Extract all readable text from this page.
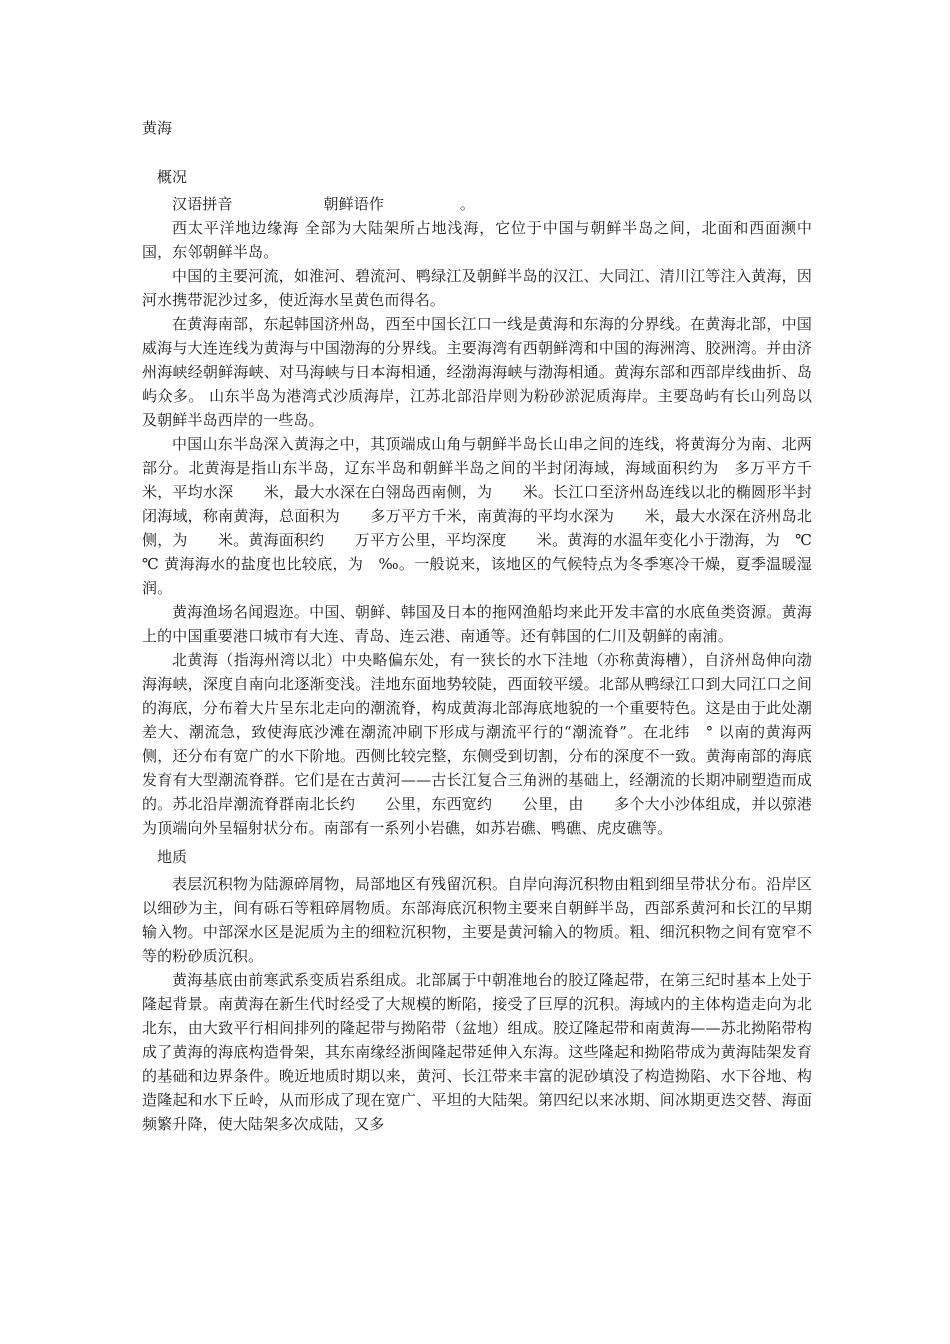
黄海
概况

汉语拼音　　　　　　朝鲜语作　　　　　。

西太平洋地边缘海 全部为大陆架所占地浅海，它位于中国与朝鲜半岛之间，北面和西面濒中国，东邻朝鲜半岛。

中国的主要河流，如淮河、碧流河、鸭绿江及朝鲜半岛的汉江、大同江、清川江等注入黄海，因河水携带泥沙过多，使近海水呈黄色而得名。

在黄海南部，东起韩国济州岛，西至中国长江口一线是黄海和东海的分界线。在黄海北部，中国威海与大连连线为黄海与中国渤海的分界线。主要海湾有西朝鲜湾和中国的海洲湾、胶洲湾。并由济州海峡经朝鲜海峡、对马海峡与日本海相通，经渤海海峡与渤海相通。黄海东部和西部岸线曲折、岛屿众多。 山东半岛为港湾式沙质海岸，江苏北部沿岸则为粉砂淤泥质海岸。主要岛屿有长山列岛以及朝鲜半岛西岸的一些岛。

中国山东半岛深入黄海之中，其顶端成山角与朝鲜半岛长山串之间的连线，将黄海分为南、北两部分。北黄海是指山东半岛，辽东半岛和朝鲜半岛之间的半封闭海域，海域面积约为　多万平方千米，平均水深　　米，最大水深在白翎岛西南侧，为　　米。长江口至济州岛连线以北的椭圆形半封闭海域，称南黄海，总面积为　　多万平方千米，南黄海的平均水深为　　米，最大水深在济州岛北侧，为　　米。黄海面积约　　万平方公里，平均深度　　米。黄海的水温年变化小于渤海，为　℃　　℃ 黄海海水的盐度也比较底，为　‰。一般说来，该地区的气候特点为冬季寒冷干燥，夏季温暖湿润。

黄海渔场名闻遐迩。中国、朝鲜、韩国及日本的拖网渔船均来此开发丰富的水底鱼类资源。黄海上的中国重要港口城市有大连、青岛、连云港、南通等。还有韩国的仁川及朝鲜的南浦。

北黄海（指海州湾以北）中央略偏东处，有一狭长的水下洼地（亦称黄海槽），自济州岛伸向渤海海峡，深度自南向北逐渐变浅。洼地东面地势较陡，西面较平缓。北部从鸭绿江口到大同江口之间的海底，分布着大片呈东北走向的潮流脊，构成黄海北部海底地貌的一个重要特色。这是由于此处潮差大、潮流急，致使海底沙滩在潮流冲刷下形成与潮流平行的“潮流脊”。在北纬　° 以南的黄海两侧，还分布有宽广的水下阶地。西侧比较完整，东侧受到切割，分布的深度不一致。黄海南部的海底发育有大型潮流脊群。它们是在古黄河——古长江复合三角洲的基础上，经潮流的长期冲刷塑造而成的。苏北沿岸潮流脊群南北长约　　公里，东西宽约　　公里，由　　多个大小沙体组成，并以弶港为顶端向外呈辐射状分布。南部有一系列小岩礁，如苏岩礁、鸭礁、虎皮礁等。

地质

表层沉积物为陆源碎屑物，局部地区有残留沉积。自岸向海沉积物由粗到细呈带状分布。沿岸区以细砂为主，间有砾石等粗碎屑物质。东部海底沉积物主要来自朝鲜半岛，西部系黄河和长江的早期输入物。中部深水区是泥质为主的细粒沉积物，主要是黄河输入的物质。粗、细沉积物之间有宽窄不等的粉砂质沉积。

黄海基底由前寒武系变质岩系组成。北部属于中朝准地台的胶辽隆起带，在第三纪时基本上处于隆起背景。南黄海在新生代时经受了大规模的断陷，接受了巨厚的沉积。海域内的主体构造走向为北北东，由大致平行相间排列的隆起带与拗陷带（盆地）组成。胶辽隆起带和南黄海——苏北拗陷带构成了黄海的海底构造骨架，其东南缘经浙闽隆起带延伸入东海。这些隆起和拗陷带成为黄海陆架发育的基础和边界条件。晚近地质时期以来，黄河、长江带来丰富的泥砂填没了构造拗陷、水下谷地、构造隆起和水下丘岭，从而形成了现在宽广、平坦的大陆架。第四纪以来冰期、间冰期更迭交替、海面频繁升降，使大陆架多次成陆，又多
